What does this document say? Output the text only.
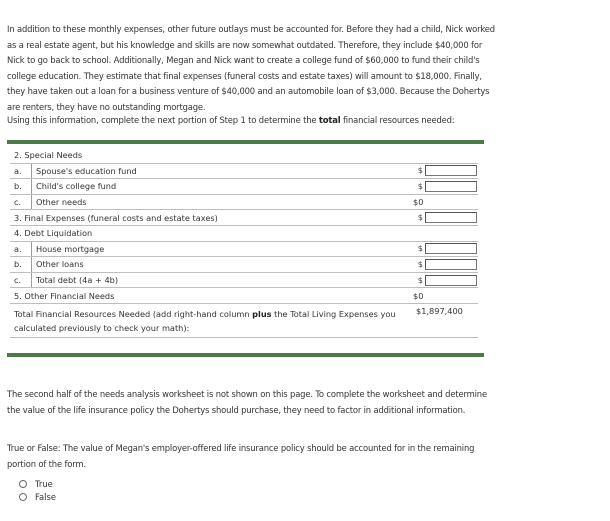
In addition to these monthly expenses, other future outlays must be accounted for. Before they had a child, Nick worked as a real estate agent, but his knowledge and skills are now somewhat outdated. Therefore, they include $40,000 for Nick to go back to school. Additionally, Megan and Nick want to create a college fund of $60,000 to fund their child's college education. They estimate that final expenses (funeral costs and estate taxes) will amount to $18,000. Finally, they have taken out a loan for a business venture of $40,000 and an automobile loan of $3,000. Because the Dohertys are renters, they have no outstanding mortgage.
Using this information, complete the next portion of Step 1 to determine the total financial resources needed:
2. Special Needs		
a.	Spouse's education fund	$
b.	Child's college fund	$
c.	Other needs	$0
3. Final Expenses (funeral costs and estate taxes)		$
4. Debt Liquidation		
a.	House mortgage	$
b.	Other loans	$
c.	Total debt (4a + 4b)	$
5. Other Financial Needs		$0
Total Financial Resources Needed (add right-hand column plus the Total Living Expenses you calculated previously to check your math):		$1,897,400
The second half of the needs analysis worksheet is not shown on this page. To complete the worksheet and determine the value of the life insurance policy the Dohertys should purchase, they need to factor in additional information.
True or False: The value of Megan's employer-offered life insurance policy should be accounted for in the remaining portion of the form.
True
False
